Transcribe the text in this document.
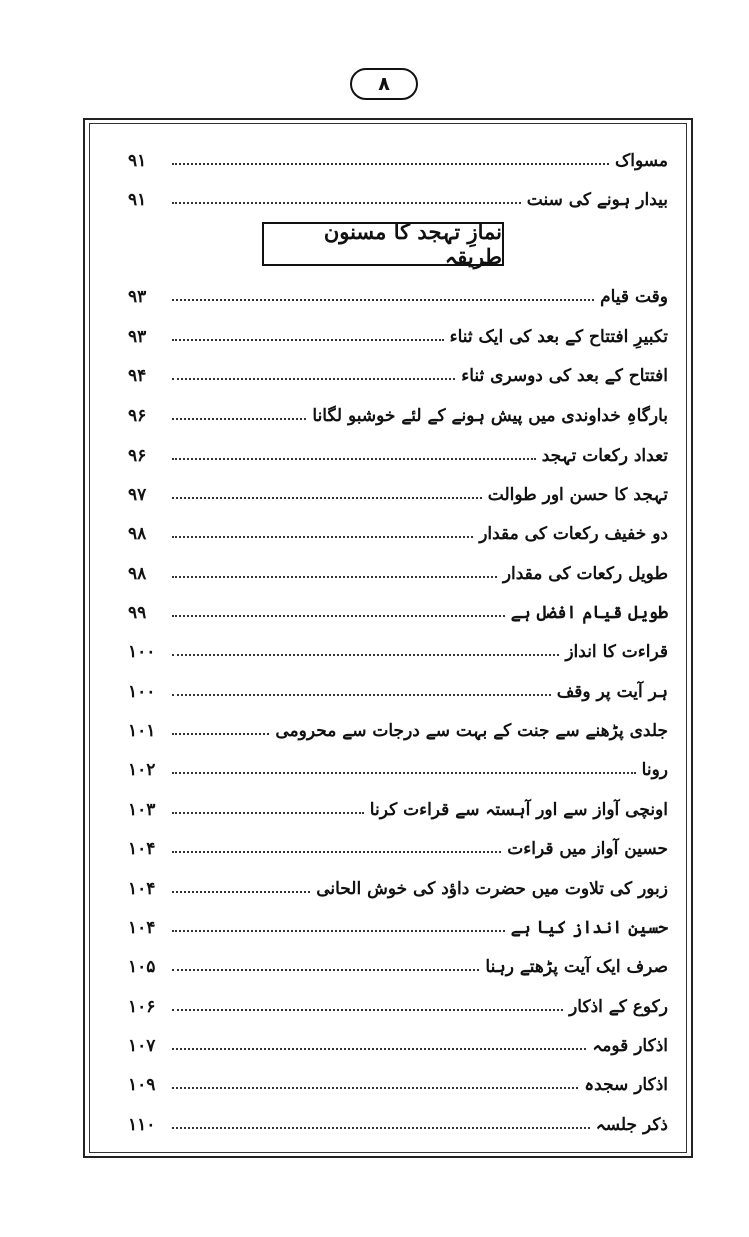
۸
مسواک
۹۱
بیدار ہونے کی سنت
۹۱
نمازِ تہجد کا مسنون طریقہ
وقت قیام
۹۳
تکبیرِ افتتاح کے بعد کی ایک ثناء
۹۳
افتتاح کے بعد کی دوسری ثناء
۹۴
بارگاہِ خداوندی میں پیش ہونے کے لئے خوشبو لگانا
۹۶
تعداد رکعات تہجد
۹۶
تہجد کا حسن اور طوالت
۹۷
دو خفیف رکعات کی مقدار
۹۸
طویل رکعات کی مقدار
۹۸
طویل قیام افضل ہے
۹۹
قراءت کا انداز
۱۰۰
ہر آیت پر وقف
۱۰۰
جلدی پڑھنے سے جنت کے بہت سے درجات سے محرومی
۱۰۱
رونا
۱۰۲
اونچی آواز سے اور آہستہ سے قراءت کرنا
۱۰۳
حسین آواز میں قراءت
۱۰۴
زبور کی تلاوت میں حضرت داؤد کی خوش الحانی
۱۰۴
حسین انداز کیا ہے
۱۰۴
صرف ایک آیت پڑھتے رہنا
۱۰۵
رکوع کے اذکار
۱۰۶
اذکار قومہ
۱۰۷
اذکار سجدہ
۱۰۹
ذکر جلسہ
۱۱۰
